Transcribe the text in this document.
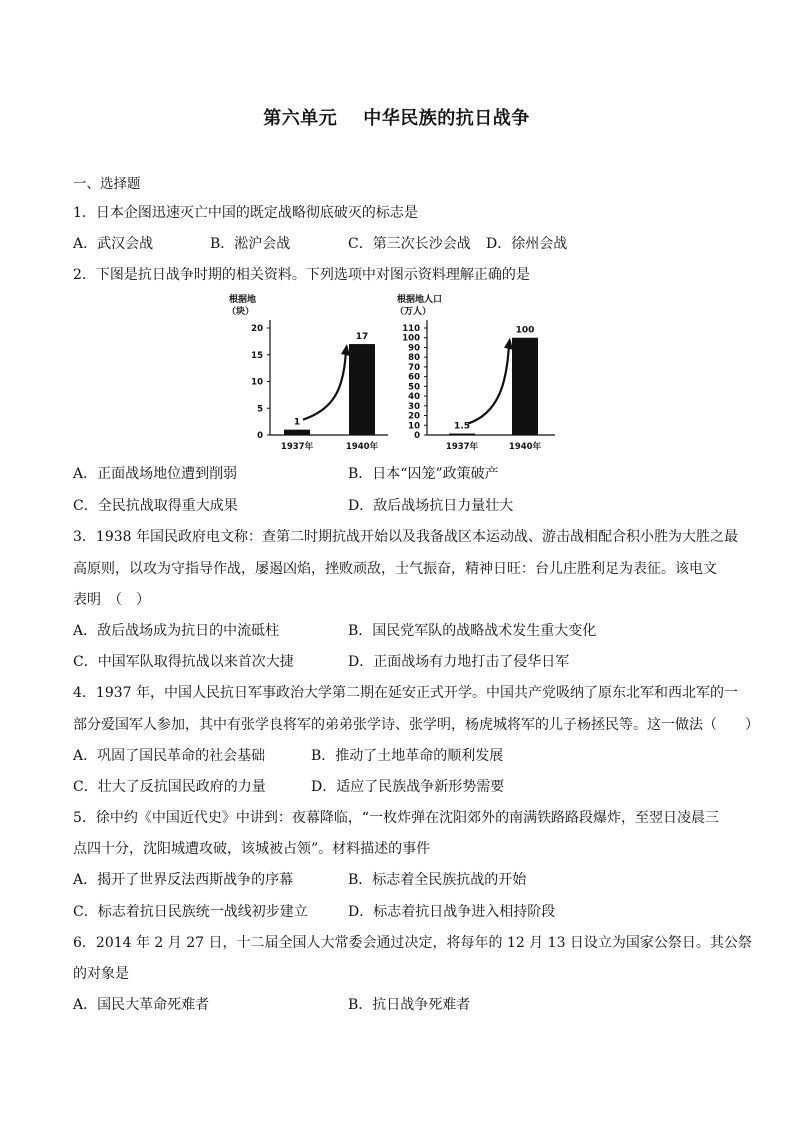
第六单元 中华民族的抗日战争
一、选择题
1．日本企图迅速灭亡中国的既定战略彻底破灭的标志是
A．武汉会战	B．淞沪会战	C．第三次长沙会战 D．徐州会战
2．下图是抗日战争时期的相关资料。下列选项中对图示资料理解正确的是
根据地
（块）
0
5
10
15
20
1
1937年
17
1940年
根据地人口
（万人）
0
10
20
30
40
50
60
70
80
90
100
110
1.5
1937年
100
1940年
A．正面战场地位遭到削弱	B．日本“囚笼”政策破产
C．全民抗战取得重大成果	D．敌后战场抗日力量壮大
3．1938 年国民政府电文称：查第二时期抗战开始以及我备战区本运动战、游击战相配合积小胜为大胜之最
高原则，以攻为守指导作战，屡遏凶焰，挫败顽敌，士气振奋，精神日旺：台儿庄胜利足为表征。该电文
表明　（　）
A．敌后战场成为抗日的中流砥柱	B．国民党军队的战略战术发生重大变化
C．中国军队取得抗战以来首次大捷	D．正面战场有力地打击了侵华日军
4．1937 年，中国人民抗日军事政治大学第二期在延安正式开学。中国共产党吸纳了原东北军和西北军的一
部分爱国军人参加，其中有张学良将军的弟弟张学诗、张学明，杨虎城将军的儿子杨拯民等。这一做法（　　）
A．巩固了国民革命的社会基础	B．推动了土地革命的顺利发展
C．壮大了反抗国民政府的力量	D．适应了民族战争新形势需要
5．徐中约《中国近代史》中讲到：夜幕降临，“一枚炸弹在沈阳郊外的南满铁路路段爆炸，至翌日凌晨三
点四十分，沈阳城遭攻破，该城被占领”。材料描述的事件
A．揭开了世界反法西斯战争的序幕	B．标志着全民族抗战的开始
C．标志着抗日民族统一战线初步建立	D．标志着抗日战争进入相持阶段
6．2014 年 2 月 27 日，十二届全国人大常委会通过决定，将每年的 12 月 13 日设立为国家公祭日。其公祭
的对象是
A．国民大革命死难者	B．抗日战争死难者
